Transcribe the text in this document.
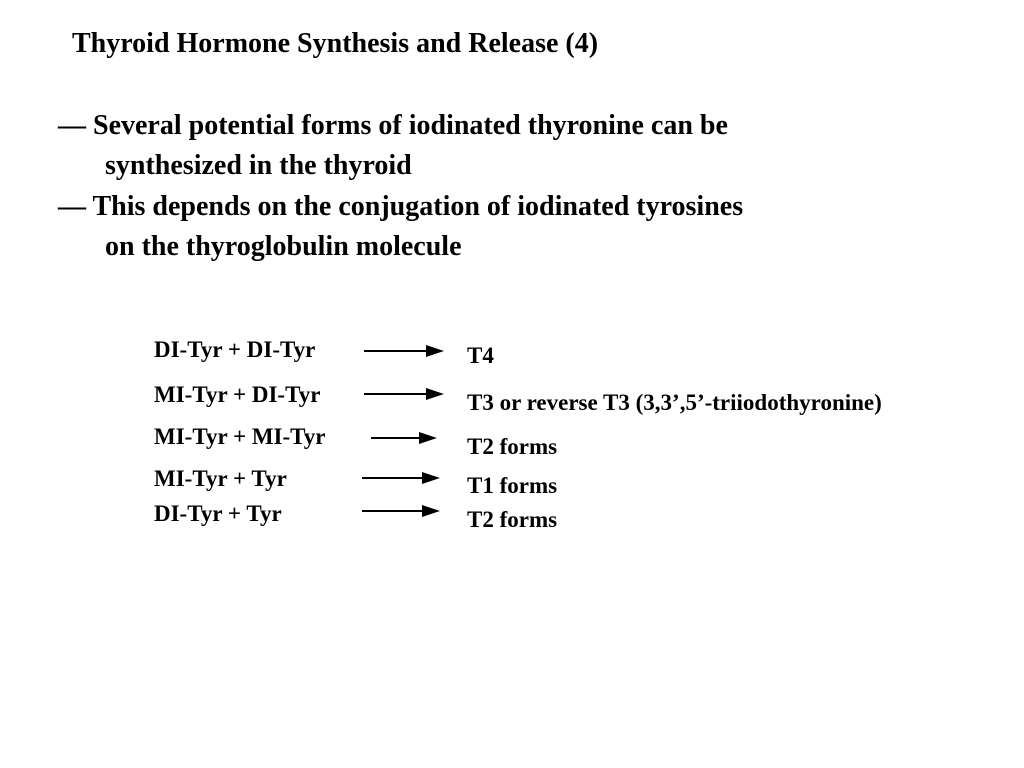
Thyroid Hormone Synthesis and Release (4)
— Several potential forms of iodinated thyronine can be
synthesized in the thyroid
— This depends on the conjugation of iodinated tyrosines
on the thyroglobulin molecule
DI-Tyr + DI-Tyr	T4
MI-Tyr + DI-Tyr	T3 or reverse T3 (3,3’,5’-triiodothyronine)
MI-Tyr + MI-Tyr	T2 forms
MI-Tyr + Tyr	T1 forms
DI-Tyr + Tyr	T2 forms
